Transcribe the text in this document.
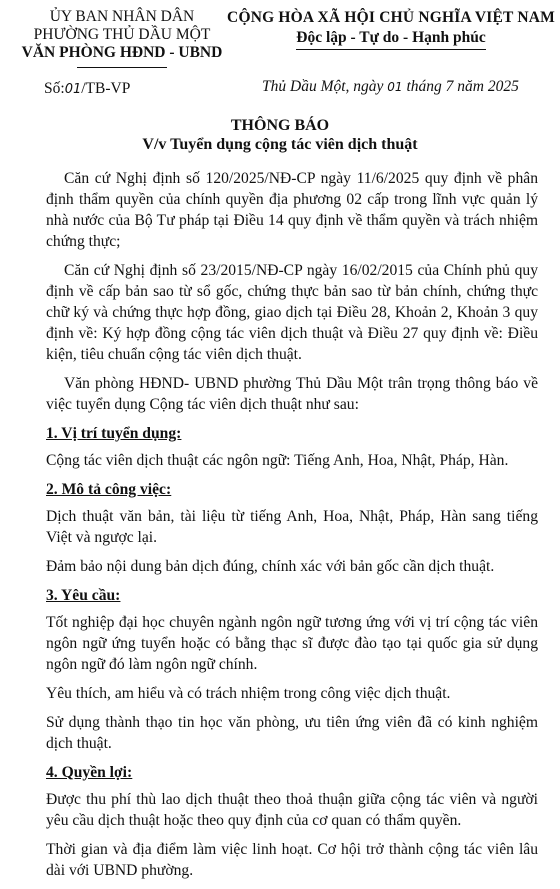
ỦY BAN NHÂN DÂN
PHƯỜNG THỦ DẦU MỘT
VĂN PHÒNG HĐND - UBND
CỘNG HÒA XÃ HỘI CHỦ NGHĨA VIỆT NAM
Độc lập - Tự do - Hạnh phúc
Số:01/TB-VP	Thủ Dầu Một, ngày 01 tháng 7 năm 2025
THÔNG BÁO
V/v Tuyển dụng cộng tác viên dịch thuật

Căn cứ Nghị định số 120/2025/NĐ-CP ngày 11/6/2025 quy định về phân định thẩm quyền của chính quyền địa phương 02 cấp trong lĩnh vực quản lý nhà nước của Bộ Tư pháp tại Điều 14 quy định về thẩm quyền và trách nhiệm chứng thực;

Căn cứ Nghị định số 23/2015/NĐ-CP ngày 16/02/2015 của Chính phủ quy định về cấp bản sao từ sổ gốc, chứng thực bản sao từ bản chính, chứng thực chữ ký và chứng thực hợp đồng, giao dịch tại Điều 28, Khoản 2, Khoản 3 quy định về: Ký hợp đồng cộng tác viên dịch thuật và Điều 27 quy định về: Điều kiện, tiêu chuẩn cộng tác viên dịch thuật.

Văn phòng HĐND- UBND phường Thủ Dầu Một trân trọng thông báo về việc tuyển dụng Cộng tác viên dịch thuật như sau:

1. Vị trí tuyển dụng:

Cộng tác viên dịch thuật các ngôn ngữ: Tiếng Anh, Hoa, Nhật, Pháp, Hàn.

2. Mô tả công việc:

Dịch thuật văn bản, tài liệu từ tiếng Anh, Hoa, Nhật, Pháp, Hàn sang tiếng Việt và ngược lại.

Đảm bảo nội dung bản dịch đúng, chính xác với bản gốc cần dịch thuật.

3. Yêu cầu:

Tốt nghiệp đại học chuyên ngành ngôn ngữ tương ứng với vị trí cộng tác viên ngôn ngữ ứng tuyển hoặc có bằng thạc sĩ được đào tạo tại quốc gia sử dụng ngôn ngữ đó làm ngôn ngữ chính.

Yêu thích, am hiểu và có trách nhiệm trong công việc dịch thuật.

Sử dụng thành thạo tin học văn phòng, ưu tiên ứng viên đã có kinh nghiệm dịch thuật.

4. Quyền lợi:

Được thu phí thù lao dịch thuật theo thoả thuận giữa cộng tác viên và người yêu cầu dịch thuật hoặc theo quy định của cơ quan có thẩm quyền.

Thời gian và địa điểm làm việc linh hoạt. Cơ hội trở thành cộng tác viên lâu dài với UBND phường.
